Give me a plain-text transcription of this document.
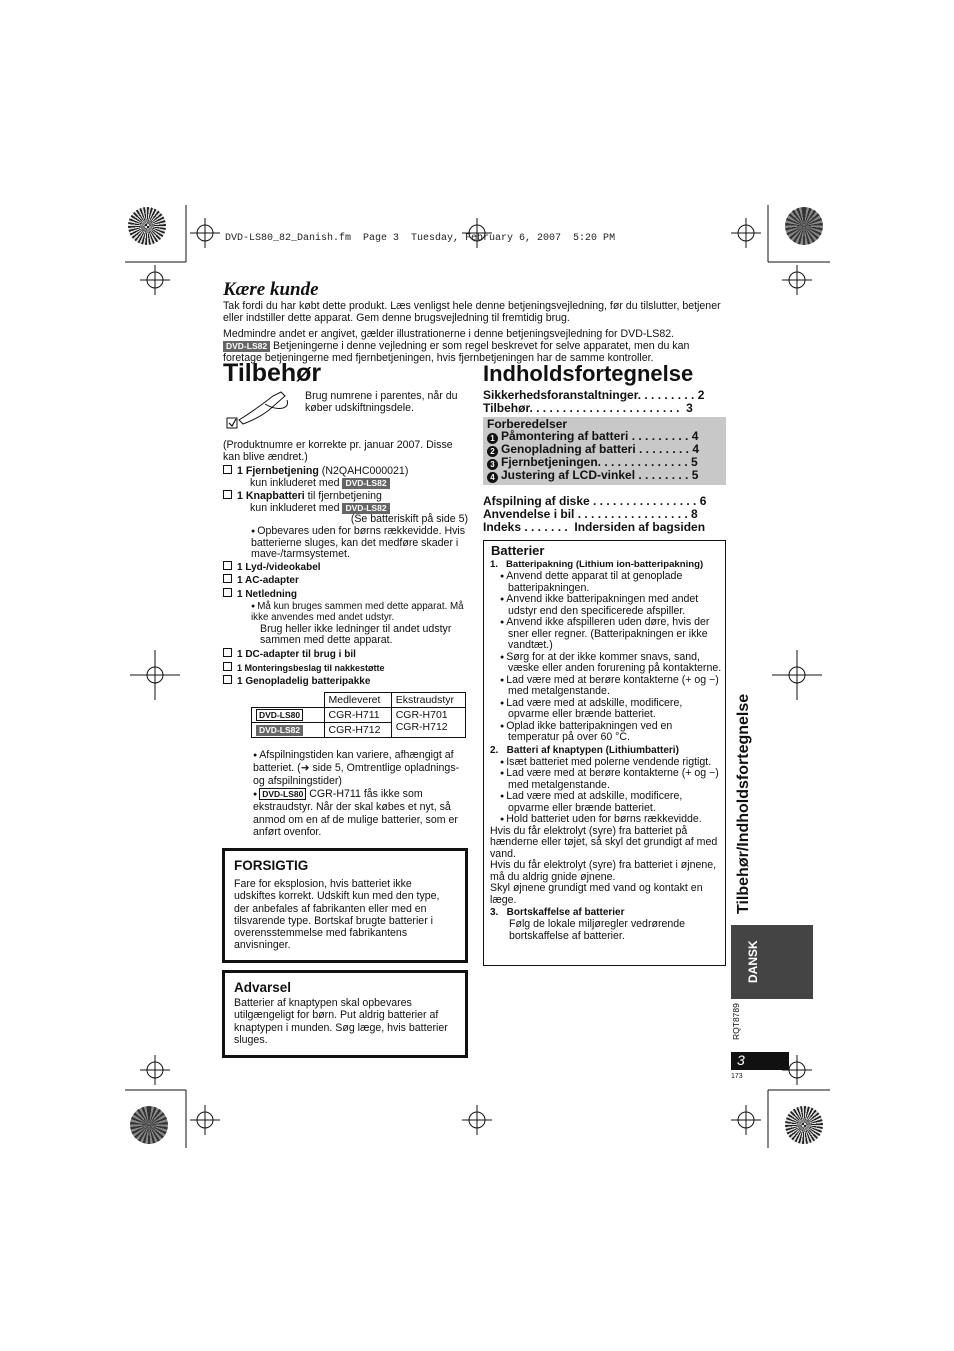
DVD-LS80_82_Danish.fm  Page 3  Tuesday, February 6, 2007  5:20 PM
Kære kunde
Tak fordi du har købt dette produkt. Læs venligst hele denne betjeningsvejledning, før du tilslutter, betjener eller indstiller dette apparat. Gem denne brugsvejledning til fremtidig brug.
Medmindre andet er angivet, gælder illustrationerne i denne betjeningsvejledning for DVD-LS82.
DVD-LS82 Betjeningerne i denne vejledning er som regel beskrevet for selve apparatet, men du kan foretage betjeningerne med fjernbetjeningen, hvis fjernbetjeningen har de samme kontroller.
Tilbehør
Brug numrene i parentes, når du køber udskiftningsdele.
(Produktnumre er korrekte pr. januar 2007. Disse kan blive ændret.)
1 Fjernbetjening (N2QAHC000021)
kun inkluderet med DVD-LS82
1 Knapbatteri til fjernbetjening
kun inkluderet med DVD-LS82
(Se batteriskift på side 5)
● Opbevares uden for børns rækkevidde. Hvis batterierne sluges, kan det medføre skader i mave-/tarmsystemet.
1 Lyd-/videokabel
1 AC-adapter
1 Netledning
● Må kun bruges sammen med dette apparat. Må ikke anvendes med andet udstyr.
Brug heller ikke ledninger til andet udstyr sammen med dette apparat.
1 DC-adapter til brug i bil
1 Monteringsbeslag til nakkestøtte
1 Genopladelig batteripakke
	Medleveret	Ekstraudstyr
DVD-LS80	CGR-H711	CGR-H701
CGR-H712

DVD-LS82	CGR-H712	
● Afspilningstiden kan variere, afhængigt af batteriet. (➜ side 5, Omtrentlige opladnings- og afspilningstider)
● DVD-LS80 CGR-H711 fås ikke som ekstraudstyr. Når der skal købes et nyt, så anmod om en af de mulige batterier, som er anført ovenfor.
FORSIGTIG
Fare for eksplosion, hvis batteriet ikke udskiftes korrekt. Udskift kun med den type, der anbefales af fabrikanten eller med en tilsvarende type. Bortskaf brugte batterier i overensstemmelse med fabrikantens anvisninger.
Advarsel
Batterier af knaptypen skal opbevares utilgængeligt for børn. Put aldrig batterier af knaptypen i munden. Søg læge, hvis batterier sluges.
Indholdsfortegnelse
Sikkerhedsforanstaltninger. . . . . . . . . 2
Tilbehør. . . . . . . . . . . . . . . . . . . . . . .  3
Forberedelser
1 Påmontering af batteri . . . . . . . . . 4
2 Genopladning af batteri . . . . . . . . 4
3 Fjernbetjeningen. . . . . . . . . . . . . . 5
4 Justering af LCD-vinkel . . . . . . . . 5
Afspilning af diske . . . . . . . . . . . . . . . . 6
Anvendelse i bil . . . . . . . . . . . . . . . . . 8
Indeks . . . . . . .  Indersiden af bagsiden
Batterier
1.   Batteripakning (Lithium ion-batteripakning)
● Anvend dette apparat til at genoplade batteripakningen.
● Anvend ikke batteripakningen med andet udstyr end den specificerede afspiller.
● Anvend ikke afspilleren uden døre, hvis der sner eller regner. (Batteripakningen er ikke vandtæt.)
● Sørg for at der ikke kommer snavs, sand, væske eller anden forurening på kontakterne.
● Lad være med at berøre kontakterne (+ og −) med metalgenstande.
● Lad være med at adskille, modificere, opvarme eller brænde batteriet.
● Oplad ikke batteripakningen ved en temperatur på over 60 °C.
2.   Batteri af knaptypen (Lithiumbatteri)
● Isæt batteriet med polerne vendende rigtigt.
● Lad være med at berøre kontakterne (+ og −) med metalgenstande.
● Lad være med at adskille, modificere, opvarme eller brænde batteriet.
● Hold batteriet uden for børns rækkevidde.
Hvis du får elektrolyt (syre) fra batteriet på hænderne eller tøjet, så skyl det grundigt af med vand.
Hvis du får elektrolyt (syre) fra batteriet i øjnene, må du aldrig gnide øjnene.
Skyl øjnene grundigt med vand og kontakt en læge.
3.   Bortskaffelse af batterier
Følg de lokale miljøregler vedrørende bortskaffelse af batterier.
Tilbehør/Indholdsfortegnelse
DANSK
RQT8789
3
173
